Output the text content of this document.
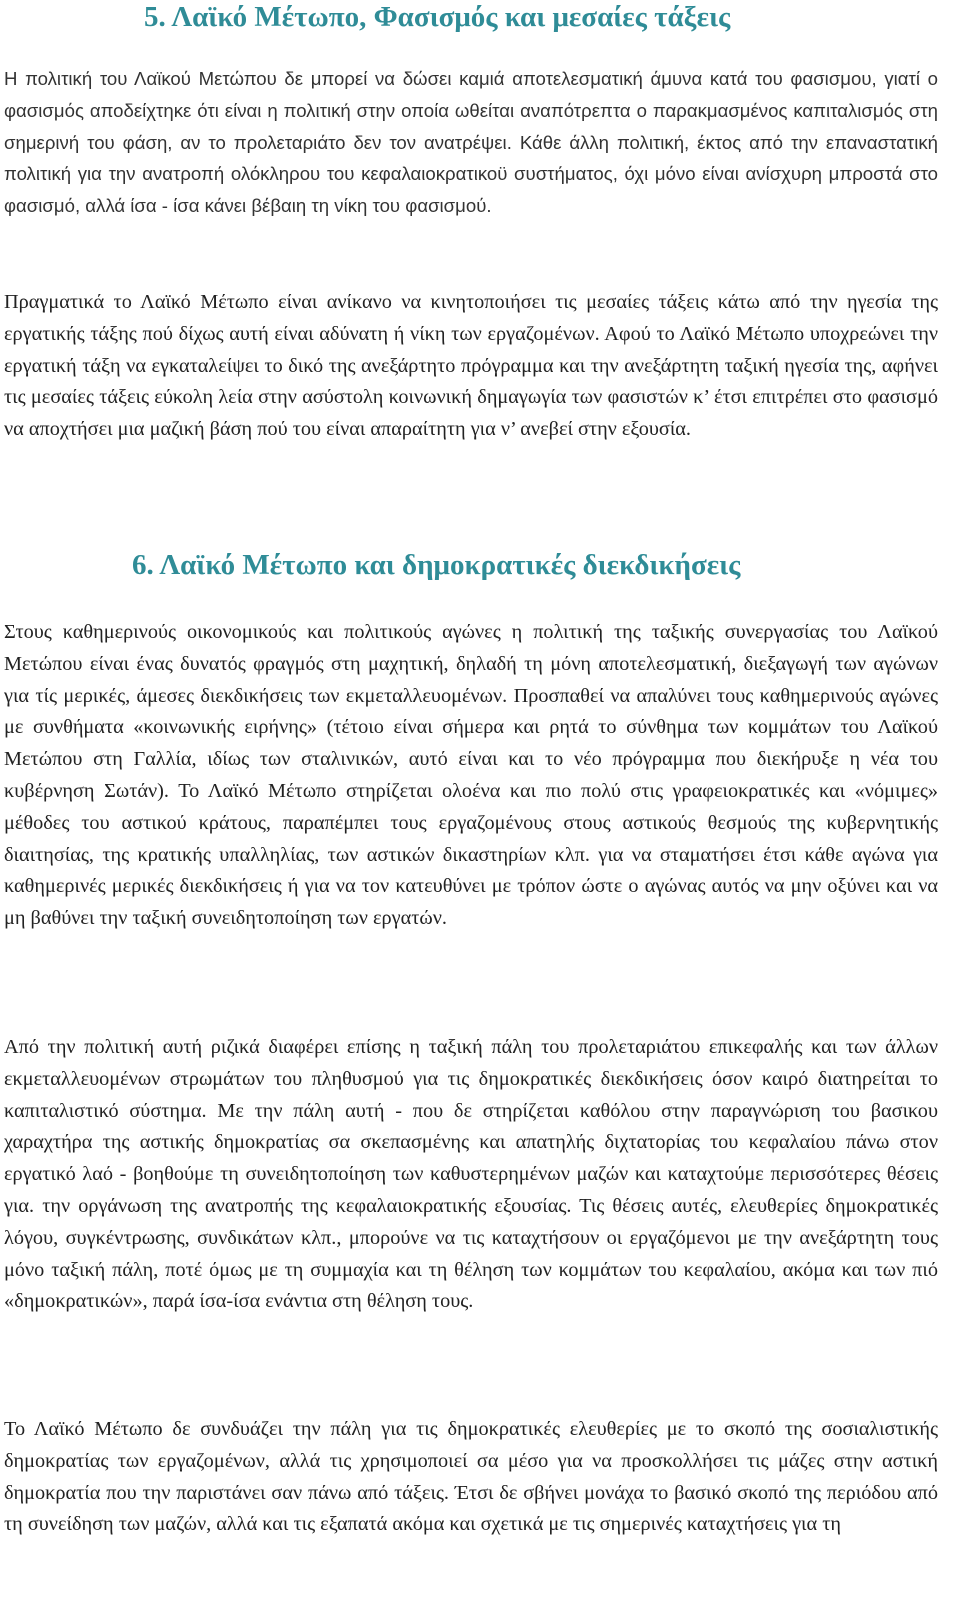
5. Λαϊκό Μέτωπο, Φασισμός και μεσαίες τάξεις

Η πολιτική του Λαϊκού Μετώπου δε μπορεί να δώσει καμιά αποτελεσματική άμυνα κατά του φασισμου, γιατί ο φασισμός αποδείχτηκε ότι είναι η πολιτική στην οποία ωθείται αναπότρεπτα ο παρακμασμένος καπιταλισμός στη σημερινή του φάση, αν το προλεταριάτο δεν τον ανατρέψει. Κάθε άλλη πολιτική, έκτος από την επαναστατική πολιτική για την ανατροπή ολόκληρου του κεφαλαιοκρατικοϋ συστήματος, όχι μόνο είναι ανίσχυρη μπροστά στο φασισμό, αλλά ίσα - ίσα κάνει βέβαιη τη νίκη του φασισμού.

Πραγματικά το Λαϊκό Μέτωπο είναι ανίκανο να κινητοποιήσει τις μεσαίες τάξεις κάτω από την ηγεσία της εργατικής τάξης πού δίχως αυτή είναι αδύνατη ή νίκη των εργαζομένων. Αφού το Λαϊκό Μέτωπο υποχρεώνει την εργατική τάξη να εγκαταλείψει το δικό της ανεξάρτητο πρόγραμμα και την ανεξάρτητη ταξική ηγεσία της, αφήνει τις μεσαίες τάξεις εύκολη λεία στην ασύστολη κοινωνική δημαγωγία των φασιστών κ’ έτσι επιτρέπει στο φασισμό να αποχτήσει μια μαζική βάση πού του είναι απαραίτητη για ν’ ανεβεί στην εξουσία.

6. Λαϊκό Μέτωπο και δημοκρατικές διεκδικήσεις

Στους καθημερινούς οικονομικούς και πολιτικούς αγώνες η πολιτική της ταξικής συνεργασίας του Λαϊκού Μετώπου είναι ένας δυνατός φραγμός στη μαχητική, δηλαδή τη μόνη αποτελεσματική, διεξαγωγή των αγώνων για τίς μερικές, άμεσες διεκδικήσεις των εκμεταλλευομένων. Προσπαθεί να απαλύνει τους καθημερινούς αγώνες με συνθήματα «κοινωνικής ειρήνης» (τέτοιο είναι σήμερα και ρητά το σύνθημα των κομμάτων του Λαϊκού Μετώπου στη Γαλλία, ιδίως των σταλινικών, αυτό είναι και το νέο πρόγραμμα που διεκήρυξε η νέα του κυβέρνηση Σωτάν). Το Λαϊκό Μέτωπο στηρίζεται ολοένα και πιο πολύ στις γραφειοκρατικές και «νόμιμες» μέθοδες του αστικού κράτους, παραπέμπει τους εργαζομένους στους αστικούς θεσμούς της κυβερνητικής διαιτησίας, της κρατικής υπαλληλίας, των αστικών δικαστηρίων κλπ. για να σταματήσει έτσι κάθε αγώνα για καθημερινές μερικές διεκδικήσεις ή για να τον κατευθύνει με τρόπον ώστε ο αγώνας αυτός να μην οξύνει και να μη βαθύνει την ταξική συνειδητοποίηση των εργατών.

Από την πολιτική αυτή ριζικά διαφέρει επίσης η ταξική πάλη του προλεταριάτου επικεφαλής και των άλλων εκμεταλλευομένων στρωμάτων του πληθυσμού για τις δημοκρατικές διεκδικήσεις όσον καιρό διατηρείται το καπιταλιστικό σύστημα. Με την πάλη αυτή - που δε στηρίζεται καθόλου στην παραγνώριση του βασικου χαραχτήρα της αστικής δημοκρατίας σα σκεπασμένης και απατηλής διχτατορίας του κεφαλαίου πάνω στον εργατικό λαό - βοηθούμε τη συνειδητοποίηση των καθυστερημένων μαζών και καταχτούμε περισσότερες θέσεις για. την οργάνωση της ανατροπής της κεφαλαιοκρατικής εξουσίας. Τις θέσεις αυτές, ελευθερίες δημοκρατικές λόγου, συγκέντρωσης, συνδικάτων κλπ., μπορούνε να τις καταχτήσουν οι εργαζόμενοι με την ανεξάρτητη τους μόνο ταξική πάλη, ποτέ όμως με τη συμμαχία και τη θέληση των κομμάτων του κεφαλαίου, ακόμα και των πιό «δημοκρατικών», παρά ίσα-ίσα ενάντια στη θέληση τους.

Το Λαϊκό Μέτωπο δε συνδυάζει την πάλη για τις δημοκρατικές ελευθερίες με το σκοπό της σοσιαλιστικής δημοκρατίας των εργαζομένων, αλλά τις χρησιμοποιεί σα μέσο για να προσκολλήσει τις μάζες στην αστική δημοκρατία που την παριστάνει σαν πάνω από τάξεις. Έτσι δε σβήνει μονάχα το βασικό σκοπό της περιόδου από τη συνείδηση των μαζών, αλλά και τις εξαπατά ακόμα και σχετικά με τις σημερινές καταχτήσεις για τη
